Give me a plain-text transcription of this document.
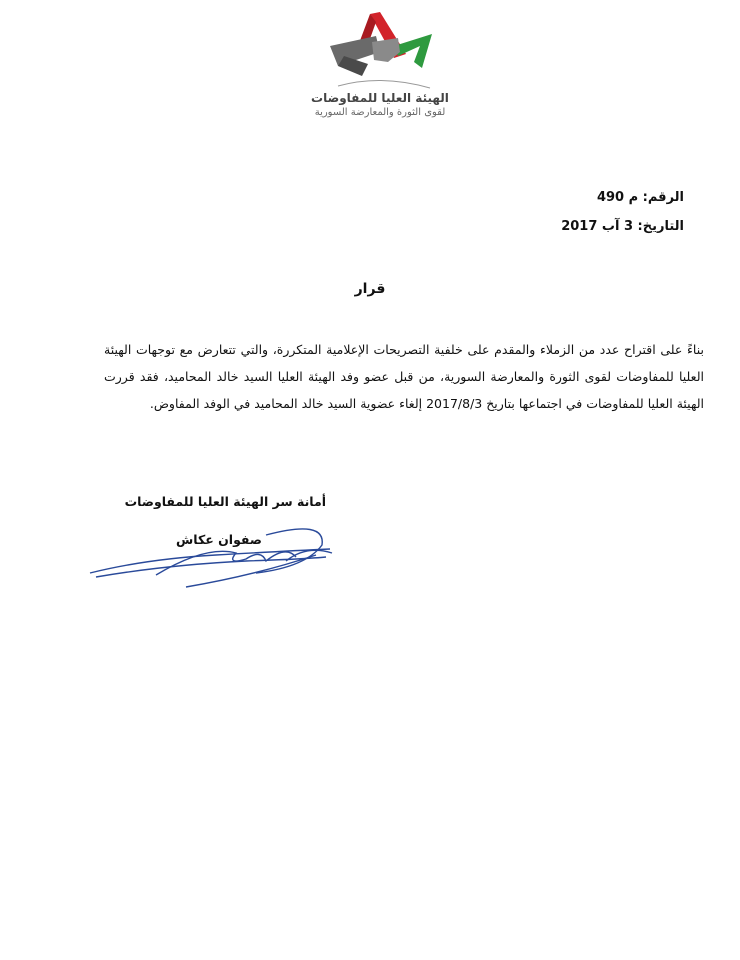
الهيئة العليا للمفاوضات
لقوى الثورة والمعارضة السورية
الرقم: م 490
التاريخ: 3 آب 2017
قرار
بناءً على اقتراح عدد من الزملاء والمقدم على خلفية التصريحات الإعلامية المتكررة، والتي تتعارض مع توجهات الهيئة
العليا للمفاوضات لقوى الثورة والمعارضة السورية، من قبل عضو وفد الهيئة العليا السيد خالد المحاميد، فقد قررت
الهيئة العليا للمفاوضات في اجتماعها بتاريخ 2017/8/3 إلغاء عضوية السيد خالد المحاميد في الوفد المفاوض.
أمانة سر الهيئة العليا للمفاوضات
صفوان عكاش
